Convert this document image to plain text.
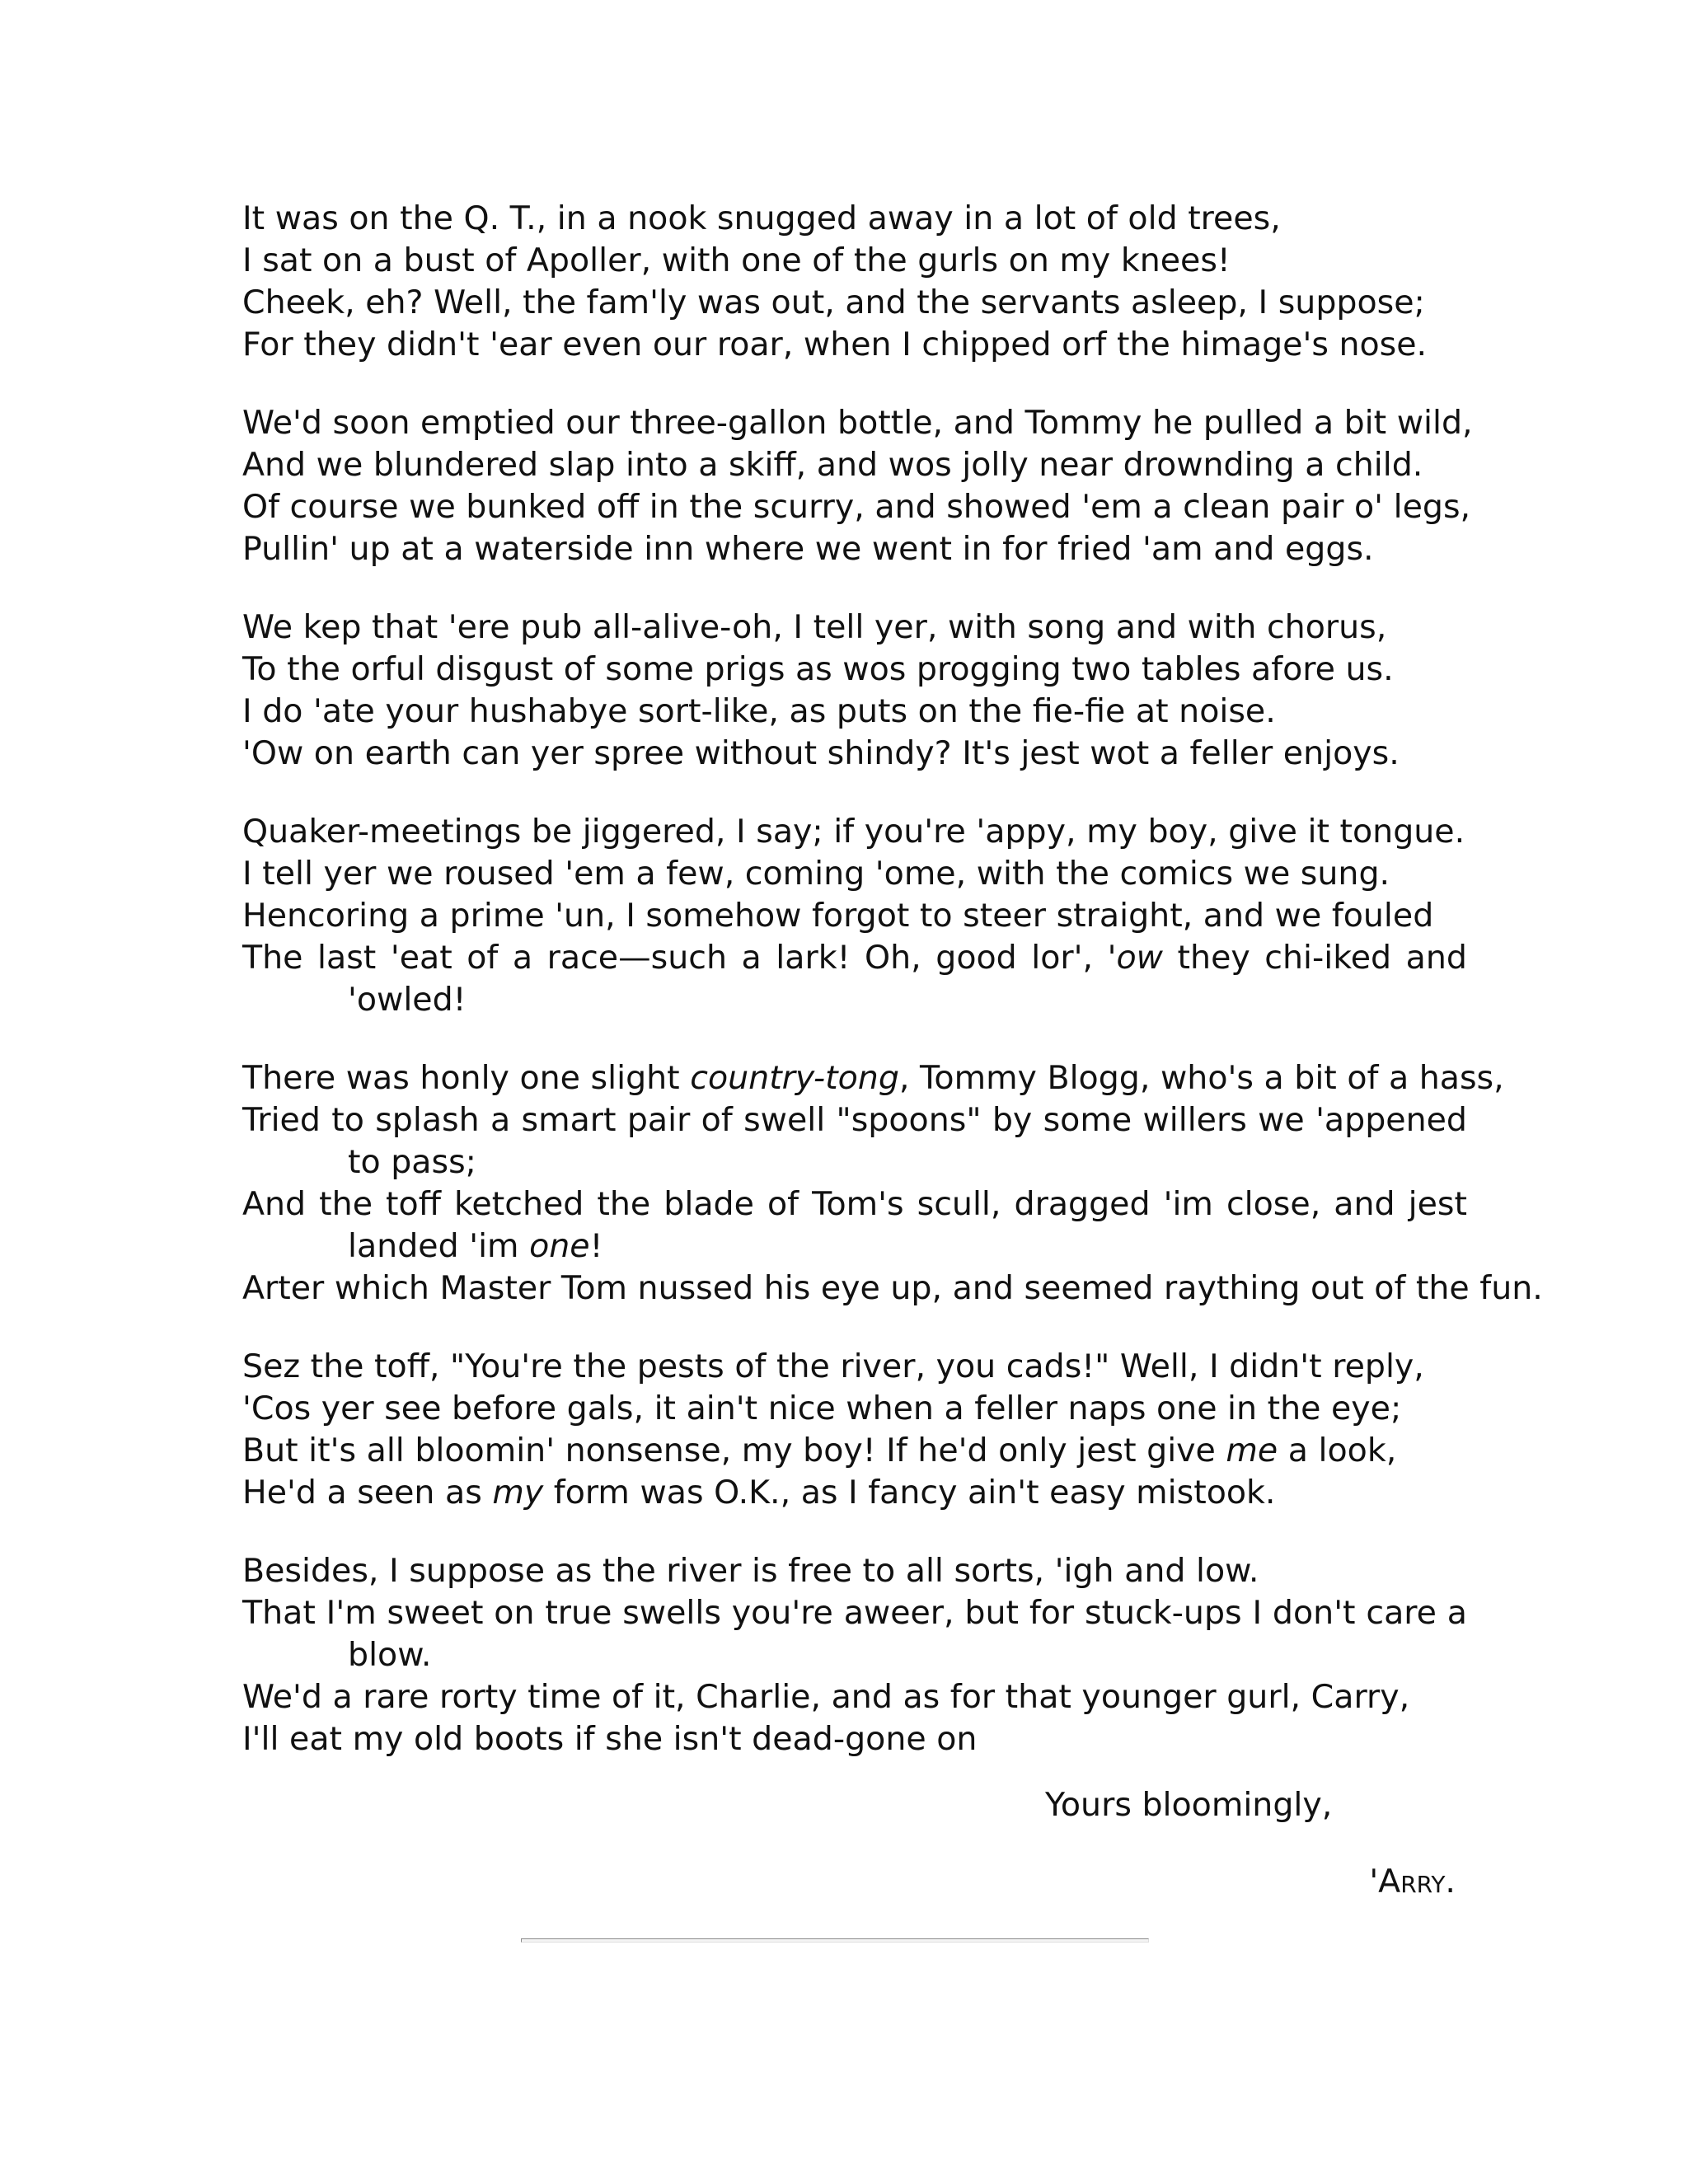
It was on the Q. T., in a nook snugged away in a lot of old trees,
I sat on a bust of Apoller, with one of the gurls on my knees!
Cheek, eh? Well, the fam'ly was out, and the servants asleep, I suppose;
For they didn't 'ear even our roar, when I chipped orf the himage's nose.
We'd soon emptied our three-gallon bottle, and Tommy he pulled a bit wild,
And we blundered slap into a skiff, and wos jolly near drownding a child.
Of course we bunked off in the scurry, and showed 'em a clean pair o' legs,
Pullin' up at a waterside inn where we went in for fried 'am and eggs.
We kep that 'ere pub all-alive-oh, I tell yer, with song and with chorus,
To the orful disgust of some prigs as wos progging two tables afore us.
I do 'ate your hushabye sort-like, as puts on the fie-fie at noise.
'Ow on earth can yer spree without shindy? It's jest wot a feller enjoys.
Quaker-meetings be jiggered, I say; if you're 'appy, my boy, give it tongue.
I tell yer we roused 'em a few, coming 'ome, with the comics we sung.
Hencoring a prime 'un, I somehow forgot to steer straight, and we fouled
The last 'eat of a race—such a lark! Oh, good lor', 'ow they chi-iked and 'owled!
There was honly one slight country-tong, Tommy Blogg, who's a bit of a hass,
Tried to splash a smart pair of swell "spoons" by some willers we 'appened to pass;
And the toff ketched the blade of Tom's scull, dragged 'im close, and jest landed 'im one!
Arter which Master Tom nussed his eye up, and seemed raything out of the fun.
Sez the toff, "You're the pests of the river, you cads!" Well, I didn't reply,
'Cos yer see before gals, it ain't nice when a feller naps one in the eye;
But it's all bloomin' nonsense, my boy! If he'd only jest give me a look,
He'd a seen as my form was O.K., as I fancy ain't easy mistook.
Besides, I suppose as the river is free to all sorts, 'igh and low.
That I'm sweet on true swells you're aweer, but for stuck-ups I don't care a blow.
We'd a rare rorty time of it, Charlie, and as for that younger gurl, Carry,
I'll eat my old boots if she isn't dead-gone on
Yours bloomingly,
'Arry.
